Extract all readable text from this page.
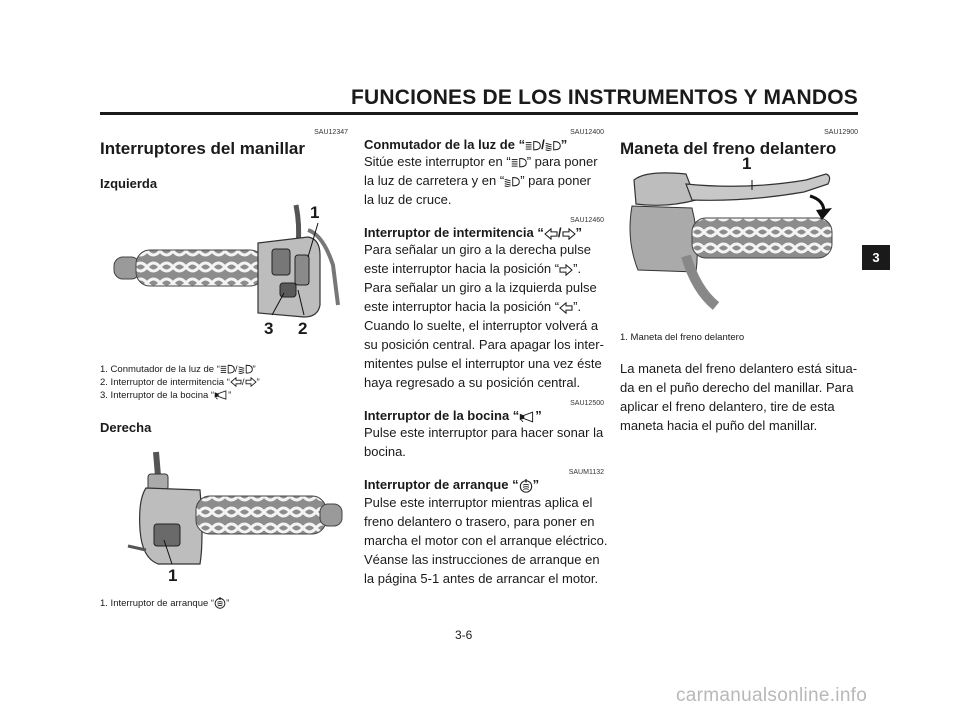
FUNCIONES DE LOS INSTRUMENTOS Y MANDOS
3
SAU12347
Interruptores del manillar
Izquierda
1
3 2
1. Conmutador de la luz de “ / ”
2. Interruptor de intermitencia “ / ”
3. Interruptor de la bocina “ ”
Derecha
1
1. Interruptor de arranque “ ”
SAU12400
Conmutador de la luz de “ / ”
Sitúe este interruptor en “ ” para poner
la luz de carretera y en “ ” para poner
la luz de cruce.
SAU12460
Interruptor de intermitencia “ / ”
Para señalar un giro a la derecha pulse
este interruptor hacia la posición “ ”.
Para señalar un giro a la izquierda pulse
este interruptor hacia la posición “ ”.
Cuando lo suelte, el interruptor volverá a
su posición central. Para apagar los inter-
mitentes pulse el interruptor una vez éste
haya regresado a su posición central.
SAU12500
Interruptor de la bocina “ ”
Pulse este interruptor para hacer sonar la
bocina.
SAUM1132
Interruptor de arranque “ ”
Pulse este interruptor mientras aplica el
freno delantero o trasero, para poner en
marcha el motor con el arranque eléctrico.
Véanse las instrucciones de arranque en
la página 5-1 antes de arrancar el motor.
SAU12900
Maneta del freno delantero
1
1. Maneta del freno delantero
La maneta del freno delantero está situa-
da en el puño derecho del manillar. Para
aplicar el freno delantero, tire de esta
maneta hacia el puño del manillar.
3-6
carmanualsonline.info
